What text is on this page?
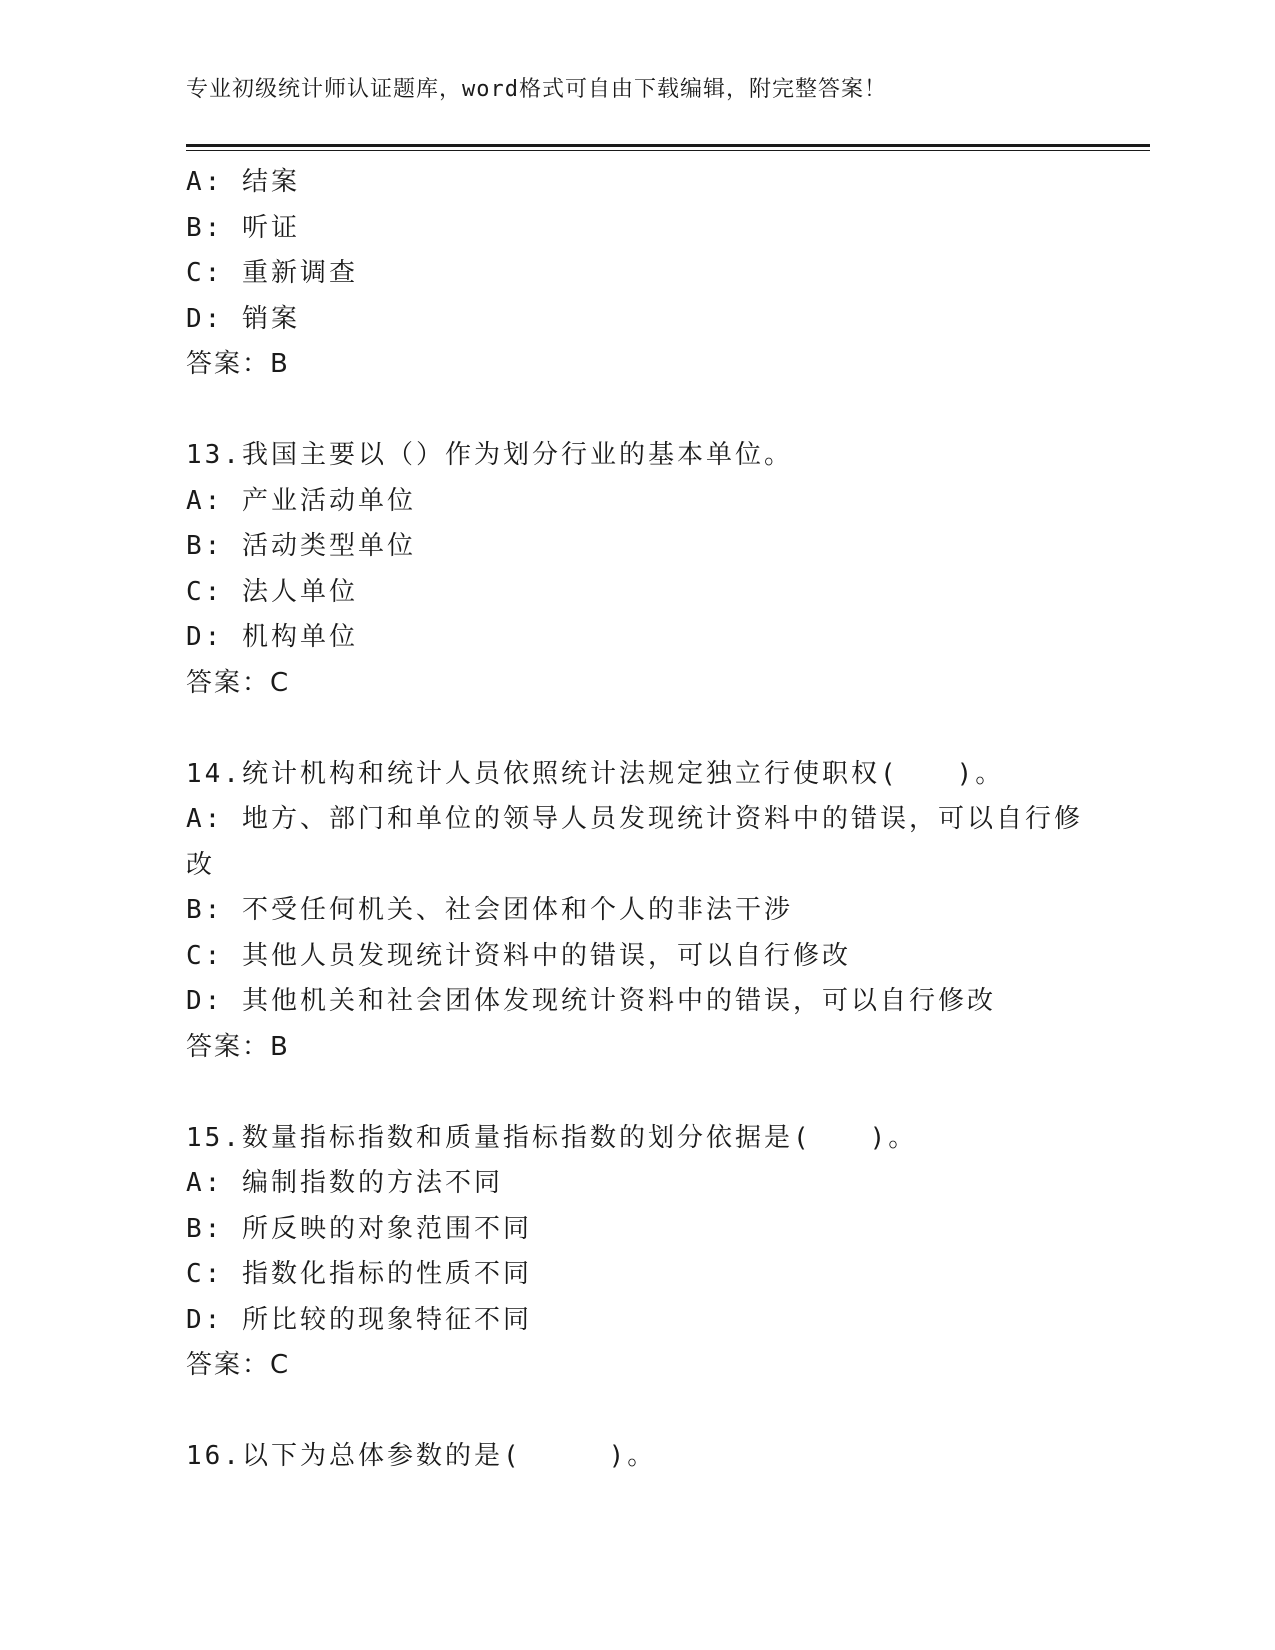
专业初级统计师认证题库，word格式可自由下载编辑，附完整答案！
A: 结案
B: 听证
C: 重新调查
D: 销案
答案：B
13.我国主要以（）作为划分行业的基本单位。
A: 产业活动单位
B: 活动类型单位
C: 法人单位
D: 机构单位
答案：C
14.统计机构和统计人员依照统计法规定独立行使职权(　　)。
A: 地方、部门和单位的领导人员发现统计资料中的错误，可以自行修
改
B: 不受任何机关、社会团体和个人的非法干涉
C: 其他人员发现统计资料中的错误，可以自行修改
D: 其他机关和社会团体发现统计资料中的错误，可以自行修改
答案：B
15.数量指标指数和质量指标指数的划分依据是(　　)。
A: 编制指数的方法不同
B: 所反映的对象范围不同
C: 指数化指标的性质不同
D: 所比较的现象特征不同
答案：C
16.以下为总体参数的是(　　　)。
